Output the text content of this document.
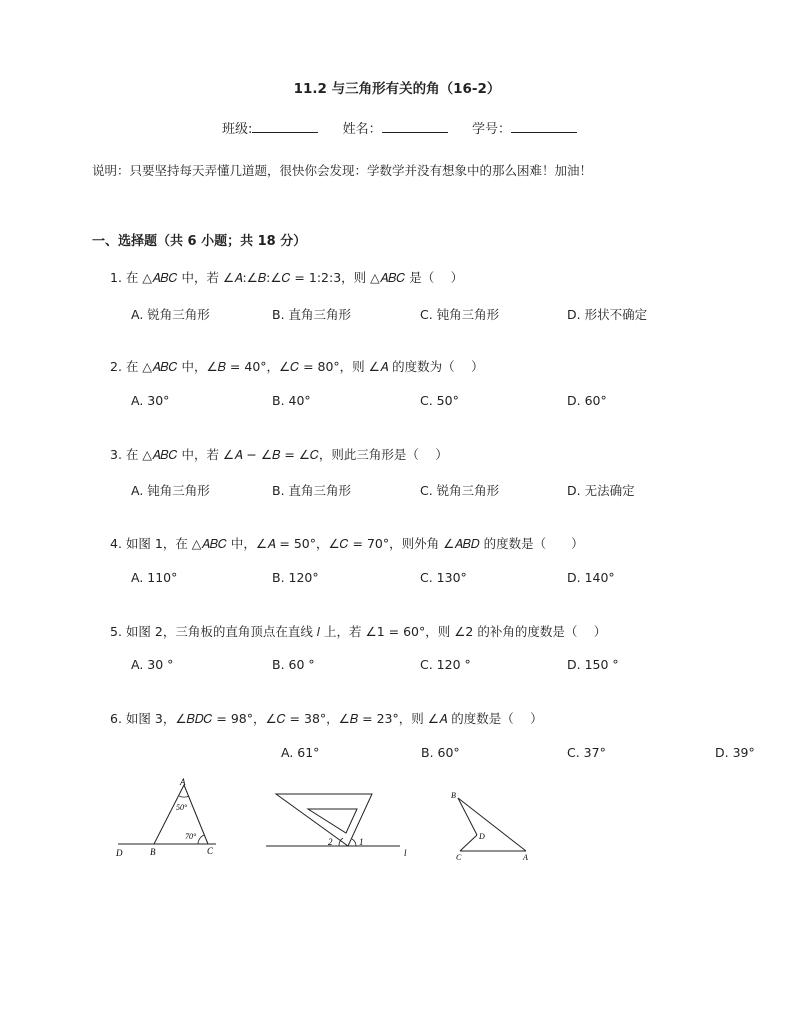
11.2 与三角形有关的角（16-2）
班级:	姓名：	学号：
说明：只要坚持每天弄懂几道题，很快你会发现：学数学并没有想象中的那么困难！加油！
一、选择题（共 6 小题；共 18 分）
1. 在 △𝐴𝐵𝐶 中，若 ∠𝐴:∠𝐵:∠𝐶 = 1:2:3，则 △𝐴𝐵𝐶 是（　 ）
A. 锐角三角形	B. 直角三角形	C. 钝角三角形	D. 形状不确定
2. 在 △𝐴𝐵𝐶 中，∠𝐵 = 40°，∠𝐶 = 80°，则 ∠𝐴 的度数为（　 ）
A. 30°	B. 40°	C. 50°	D. 60°
3. 在 △𝐴𝐵𝐶 中，若 ∠𝐴 − ∠𝐵 = ∠𝐶，则此三角形是（　 ）
A. 钝角三角形	B. 直角三角形	C. 锐角三角形	D. 无法确定
4. 如图 1，在 △𝐴𝐵𝐶 中，∠𝐴 = 50°，∠𝐶 = 70°，则外角 ∠𝐴𝐵𝐷 的度数是（　　）
A. 110°	B. 120°	C. 130°	D. 140°
5. 如图 2，三角板的直角顶点在直线 𝑙 上，若 ∠1 = 60°，则 ∠2 的补角的度数是（　 ）
A. 30 °	B. 60 °	C. 120 °	D. 150 °
6. 如图 3，∠𝐵𝐷𝐶 = 98°，∠𝐶 = 38°，∠𝐵 = 23°，则 ∠𝐴 的度数是（　 ）
A. 61°	B. 60°	C. 37°	D. 39°
A
50°
70°
B	C
D
2	1
l
B
D
C	A
